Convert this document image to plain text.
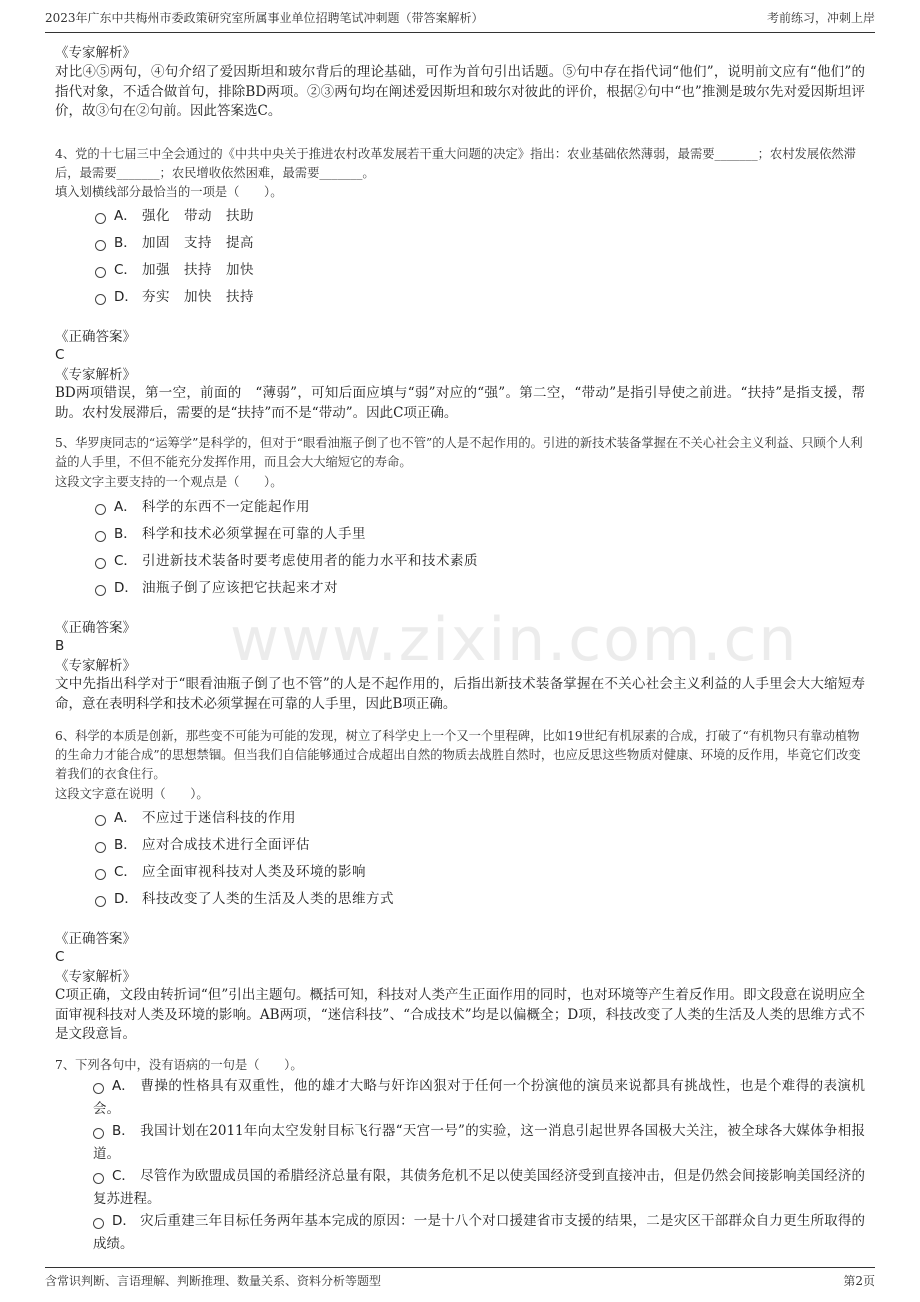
2023年广东中共梅州市委政策研究室所属事业单位招聘笔试冲刺题（带答案解析）	考前练习，冲刺上岸
www.zixin.com.cn
《专家解析》
对比④⑤两句，④句介绍了爱因斯坦和玻尔背后的理论基础，可作为首句引出话题。⑤句中存在指代词“他们”，说明前文应有“他们”的指代对象，不适合做首句，排除BD两项。②③两句均在阐述爱因斯坦和玻尔对彼此的评价，根据②句中“也”推测是玻尔先对爱因斯坦评价，故③句在②句前。因此答案选C。
4、党的十七届三中全会通过的《中共中央关于推进农村改革发展若干重大问题的决定》指出：农业基础依然薄弱，最需要_______；农村发展依然滞后，最需要_______；农民增收依然困难，最需要_______。
填入划横线部分最恰当的一项是（　　）。
A． 强化　带动　扶助
B． 加固　支持　提高
C． 加强　扶持　加快
D． 夯实　加快　扶持
《正确答案》
C
《专家解析》
BD两项错误，第一空，前面的　“薄弱”，可知后面应填与“弱”对应的“强”。第二空，“带动”是指引导使之前进。“扶持”是指支援，帮助。农村发展滞后，需要的是“扶持”而不是“带动”。因此C项正确。
5、华罗庚同志的“运筹学”是科学的，但对于“眼看油瓶子倒了也不管”的人是不起作用的。引进的新技术装备掌握在不关心社会主义利益、只顾个人利益的人手里，不但不能充分发挥作用，而且会大大缩短它的寿命。
这段文字主要支持的一个观点是（　　）。
A． 科学的东西不一定能起作用
B． 科学和技术必须掌握在可靠的人手里
C． 引进新技术装备时要考虑使用者的能力水平和技术素质
D． 油瓶子倒了应该把它扶起来才对
《正确答案》
B
《专家解析》
文中先指出科学对于“眼看油瓶子倒了也不管”的人是不起作用的，后指出新技术装备掌握在不关心社会主义利益的人手里会大大缩短寿命，意在表明科学和技术必须掌握在可靠的人手里，因此B项正确。
6、科学的本质是创新，那些变不可能为可能的发现，树立了科学史上一个又一个里程碑，比如19世纪有机尿素的合成，打破了“有机物只有靠动植物的生命力才能合成”的思想禁锢。但当我们自信能够通过合成超出自然的物质去战胜自然时，也应反思这些物质对健康、环境的反作用，毕竟它们改变着我们的衣食住行。
这段文字意在说明（　　）。
A． 不应过于迷信科技的作用
B． 应对合成技术进行全面评估
C． 应全面审视科技对人类及环境的影响
D． 科技改变了人类的生活及人类的思维方式
《正确答案》
C
《专家解析》
C项正确，文段由转折词“但”引出主题句。概括可知，科技对人类产生正面作用的同时，也对环境等产生着反作用。即文段意在说明应全面审视科技对人类及环境的影响。AB两项，“迷信科技”、“合成技术”均是以偏概全；D项，科技改变了人类的生活及人类的思维方式不是文段意旨。
7、下列各句中，没有语病的一句是（　　）。
A． 曹操的性格具有双重性，他的雄才大略与奸诈凶狠对于任何一个扮演他的演员来说都具有挑战性，也是个难得的表演机会。
B． 我国计划在2011年向太空发射目标飞行器“天宫一号”的实验，这一消息引起世界各国极大关注，被全球各大媒体争相报道。
C． 尽管作为欧盟成员国的希腊经济总量有限，其债务危机不足以使美国经济受到直接冲击，但是仍然会间接影响美国经济的复苏进程。
D． 灾后重建三年目标任务两年基本完成的原因：一是十八个对口援建省市支援的结果，二是灾区干部群众自力更生所取得的成绩。
含常识判断、言语理解、判断推理、数量关系、资料分析等题型	第2页
